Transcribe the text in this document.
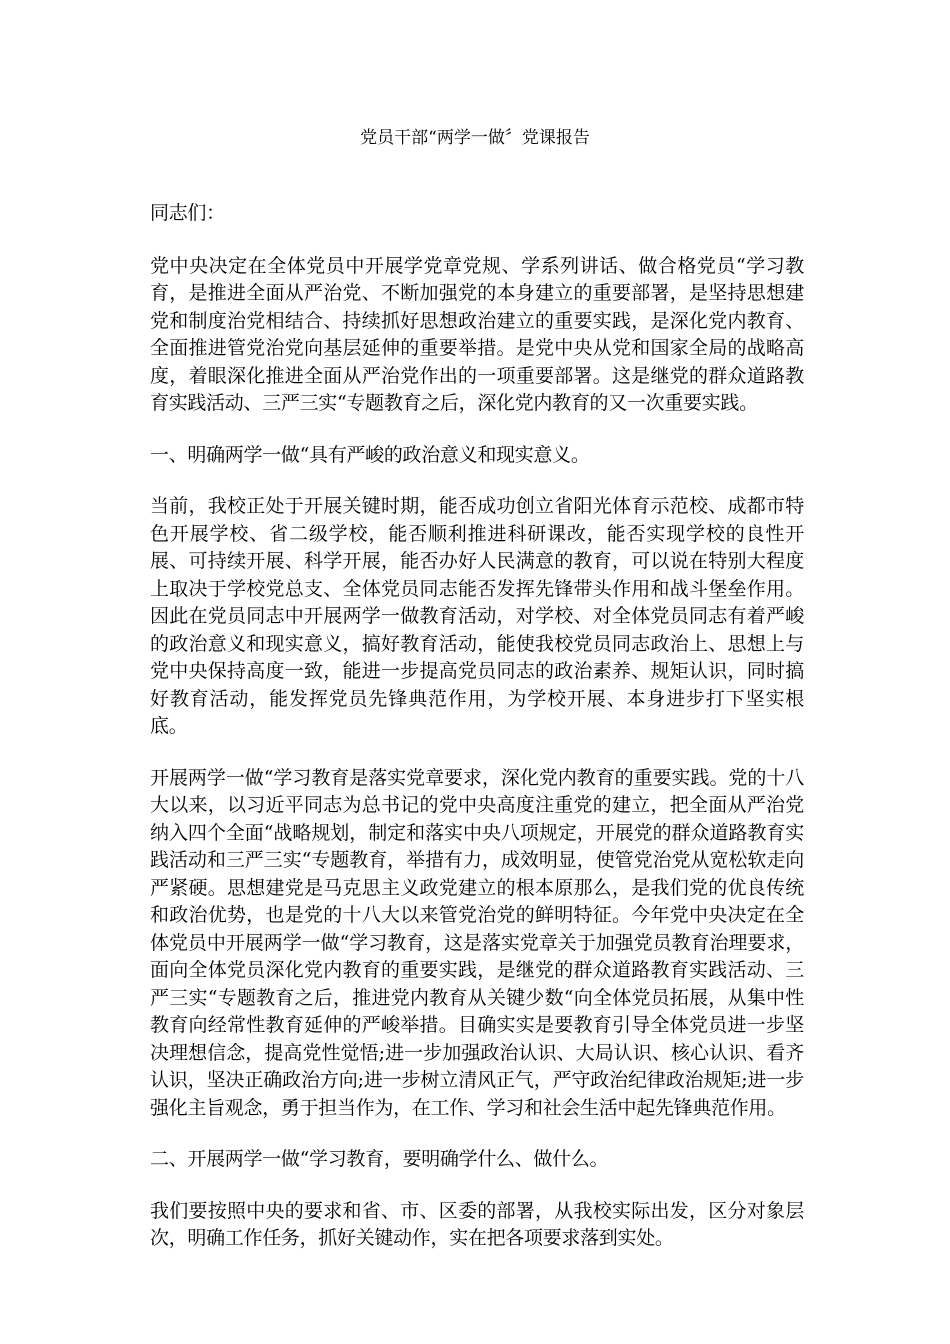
党员干部“两学一做〞党课报告

同志们：

党中央决定在全体党员中开展学党章党规、学系列讲话、做合格党员“学习教育，是推进全面从严治党、不断加强党的本身建立的重要部署，是坚持思想建党和制度治党相结合、持续抓好思想政治建立的重要实践，是深化党内教育、全面推进管党治党向基层延伸的重要举措。是党中央从党和国家全局的战略高度，着眼深化推进全面从严治党作出的一项重要部署。这是继党的群众道路教育实践活动、三严三实“专题教育之后，深化党内教育的又一次重要实践。

一、明确两学一做“具有严峻的政治意义和现实意义。

当前，我校正处于开展关键时期，能否成功创立省阳光体育示范校、成都市特色开展学校、省二级学校，能否顺利推进科研课改，能否实现学校的良性开展、可持续开展、科学开展，能否办好人民满意的教育，可以说在特别大程度上取决于学校党总支、全体党员同志能否发挥先锋带头作用和战斗堡垒作用。因此在党员同志中开展两学一做教育活动，对学校、对全体党员同志有着严峻的政治意义和现实意义，搞好教育活动，能使我校党员同志政治上、思想上与党中央保持高度一致，能进一步提高党员同志的政治素养、规矩认识，同时搞好教育活动，能发挥党员先锋典范作用，为学校开展、本身进步打下坚实根底。

开展两学一做“学习教育是落实党章要求，深化党内教育的重要实践。党的十八大以来，以习近平同志为总书记的党中央高度注重党的建立，把全面从严治党纳入四个全面“战略规划，制定和落实中央八项规定，开展党的群众道路教育实践活动和三严三实“专题教育，举措有力，成效明显，使管党治党从宽松软走向严紧硬。思想建党是马克思主义政党建立的根本原那么，是我们党的优良传统和政治优势，也是党的十八大以来管党治党的鲜明特征。今年党中央决定在全体党员中开展两学一做“学习教育，这是落实党章关于加强党员教育治理要求，面向全体党员深化党内教育的重要实践，是继党的群众道路教育实践活动、三严三实“专题教育之后，推进党内教育从关键少数“向全体党员拓展，从集中性教育向经常性教育延伸的严峻举措。目确实实是要教育引导全体党员进一步坚决理想信念，提高党性觉悟;进一步加强政治认识、大局认识、核心认识、看齐认识，坚决正确政治方向;进一步树立清风正气，严守政治纪律政治规矩;进一步强化主旨观念，勇于担当作为，在工作、学习和社会生活中起先锋典范作用。

二、开展两学一做“学习教育，要明确学什么、做什么。

我们要按照中央的要求和省、市、区委的部署，从我校实际出发，区分对象层次，明确工作任务，抓好关键动作，实在把各项要求落到实处。
